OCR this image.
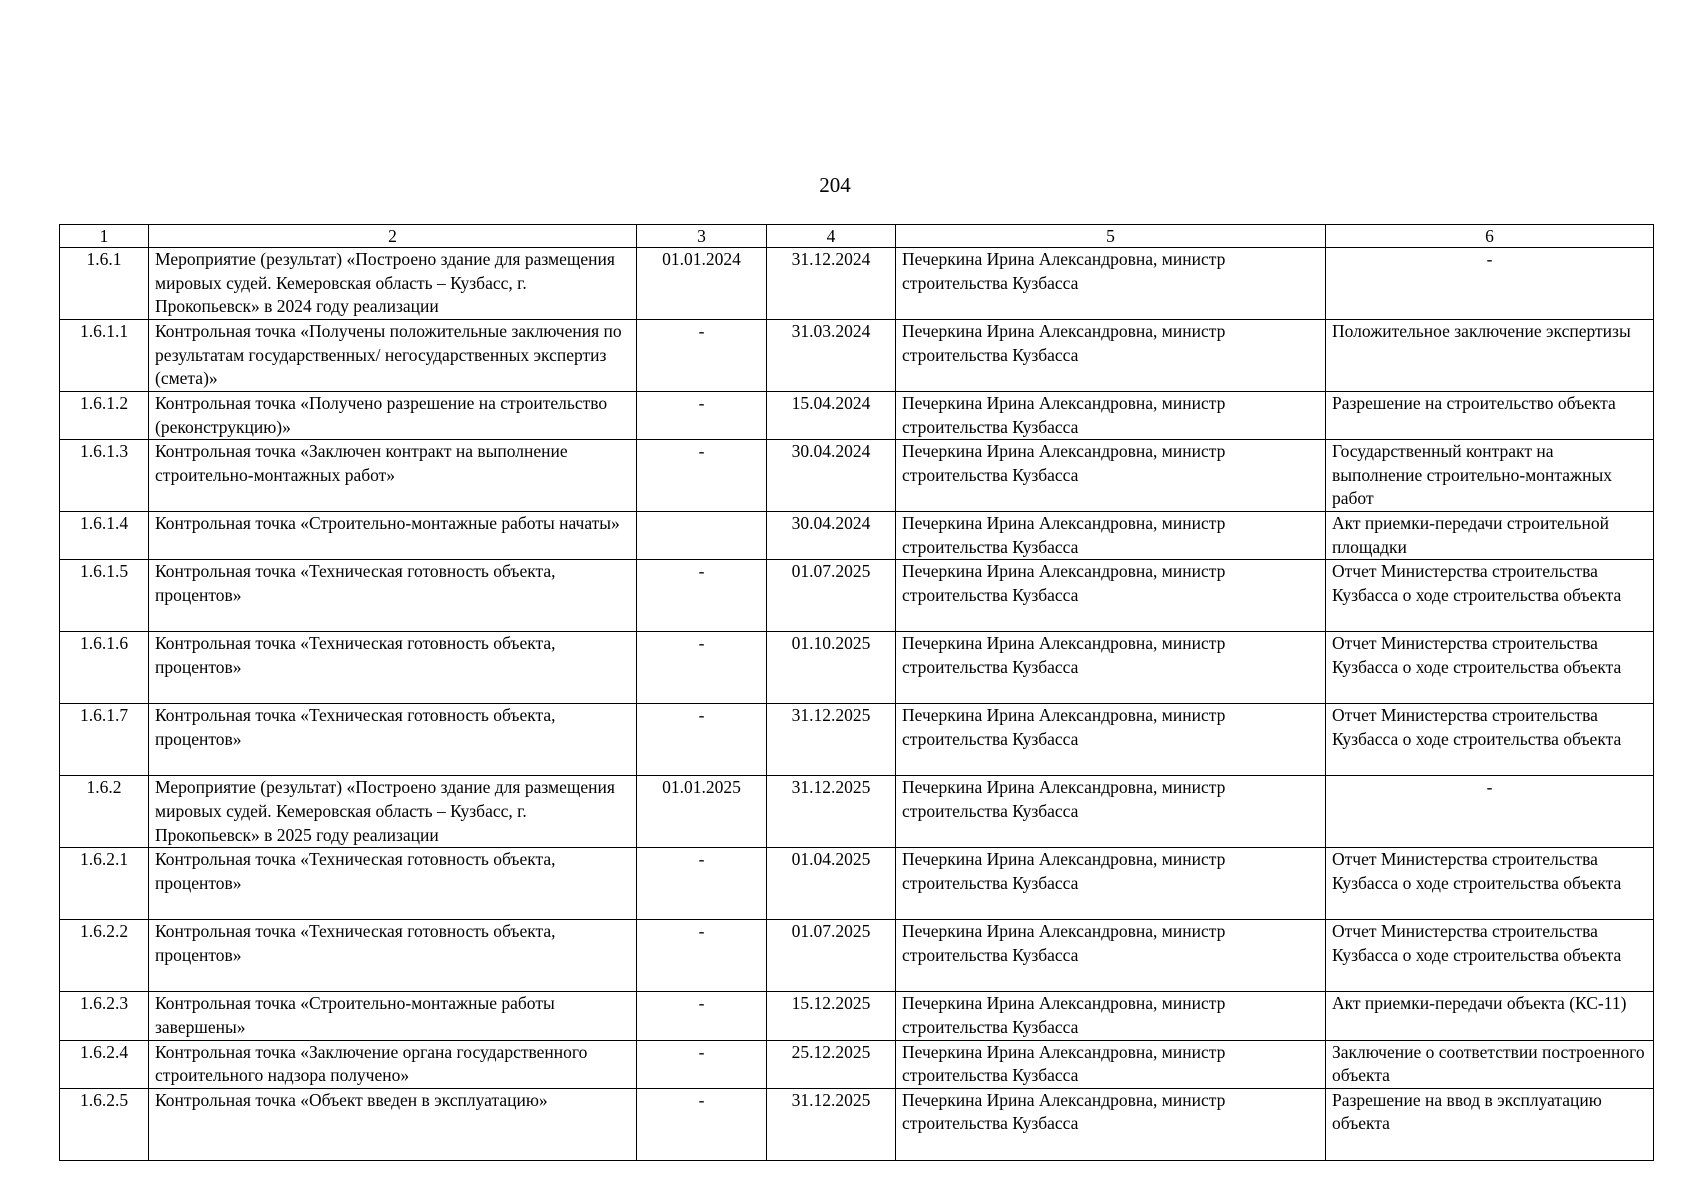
204
1	2	3	4	5	6
1.6.1	Мероприятие (результат) «Построено здание для размещения мировых судей. Кемеровская область – Кузбасс, г. Прокопьевск» в 2024 году реализации	01.01.2024	31.12.2024	Печеркина Ирина Александровна, министр строительства Кузбасса	-
1.6.1.1	Контрольная точка «Получены положительные заключения по результатам государственных/ негосударственных экспертиз (смета)»	-	31.03.2024	Печеркина Ирина Александровна, министр строительства Кузбасса	Положительное заключение экспертизы
1.6.1.2	Контрольная точка «Получено разрешение на строительство (реконструкцию)»	-	15.04.2024	Печеркина Ирина Александровна, министр строительства Кузбасса	Разрешение на строительство объекта
1.6.1.3	Контрольная точка «Заключен контракт на выполнение строительно-монтажных работ»	-	30.04.2024	Печеркина Ирина Александровна, министр строительства Кузбасса	Государственный контракт на выполнение строительно-монтажных работ
1.6.1.4	Контрольная точка «Строительно-монтажные работы начаты»		30.04.2024	Печеркина Ирина Александровна, министр строительства Кузбасса	Акт приемки-передачи строительной площадки
1.6.1.5	Контрольная точка «Техническая готовность объекта, процентов»	-	01.07.2025	Печеркина Ирина Александровна, министр строительства Кузбасса	Отчет Министерства строительства Кузбасса о ходе строительства объекта
1.6.1.6	Контрольная точка «Техническая готовность объекта, процентов»	-	01.10.2025	Печеркина Ирина Александровна, министр строительства Кузбасса	Отчет Министерства строительства Кузбасса о ходе строительства объекта
1.6.1.7	Контрольная точка «Техническая готовность объекта, процентов»	-	31.12.2025	Печеркина Ирина Александровна, министр строительства Кузбасса	Отчет Министерства строительства Кузбасса о ходе строительства объекта
1.6.2	Мероприятие (результат) «Построено здание для размещения мировых судей. Кемеровская область – Кузбасс, г. Прокопьевск» в 2025 году реализации	01.01.2025	31.12.2025	Печеркина Ирина Александровна, министр строительства Кузбасса	-
1.6.2.1	Контрольная точка «Техническая готовность объекта, процентов»	-	01.04.2025	Печеркина Ирина Александровна, министр строительства Кузбасса	Отчет Министерства строительства Кузбасса о ходе строительства объекта
1.6.2.2	Контрольная точка «Техническая готовность объекта, процентов»	-	01.07.2025	Печеркина Ирина Александровна, министр строительства Кузбасса	Отчет Министерства строительства Кузбасса о ходе строительства объекта
1.6.2.3	Контрольная точка «Строительно-монтажные работы завершены»	-	15.12.2025	Печеркина Ирина Александровна, министр строительства Кузбасса	Акт приемки-передачи объекта (КС-11)
1.6.2.4	Контрольная точка «Заключение органа государственного строительного надзора получено»	-	25.12.2025	Печеркина Ирина Александровна, министр строительства Кузбасса	Заключение о соответствии построенного объекта
1.6.2.5	Контрольная точка «Объект введен в эксплуатацию»	-	31.12.2025	Печеркина Ирина Александровна, министр строительства Кузбасса	Разрешение на ввод в эксплуатацию объекта
